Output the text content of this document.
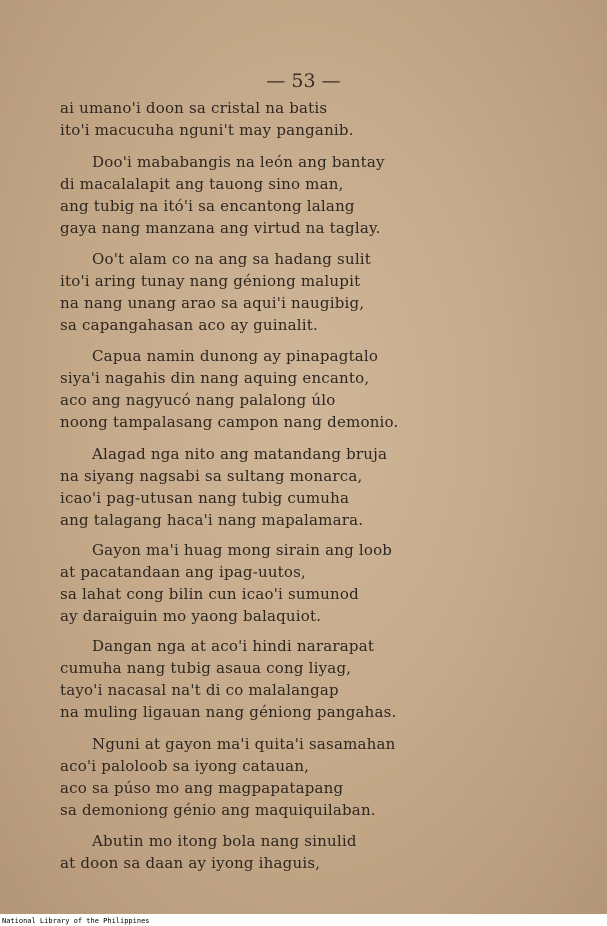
— 53 —
ai umano'i doon sa cristal na batis
ito'i macucuha nguni't may panganib.
Doo'i mababangis na león ang bantay
di macalalapit ang tauong sino man,
ang tubig na itó'i sa encantong lalang
gaya nang manzana ang virtud na taglay.
Oo't alam co na ang sa hadang sulit
ito'i aring tunay nang géniong malupit
na nang unang arao sa aqui'i naugibig,
sa capangahasan aco ay guinalit.
Capua namin dunong ay pinapagtalo
siya'i nagahis din nang aquing encanto,
aco ang nagyucó nang palalong úlo
noong tampalasang campon nang demonio.
Alagad nga nito ang matandang bruja
na siyang nagsabi sa sultang monarca,
icao'i pag-utusan nang tubig cumuha
ang talagang haca'i nang mapalamara.
Gayon ma'i huag mong sirain ang loob
at pacatandaan ang ipag-uutos,
sa lahat cong bilin cun icao'i sumunod
ay daraiguin mo yaong balaquiot.
Dangan nga at aco'i hindi nararapat
cumuha nang tubig asaua cong liyag,
tayo'i nacasal na't di co malalangap
na muling ligauan nang géniong pangahas.
Nguni at gayon ma'i quita'i sasamahan
aco'i paloloob sa iyong catauan,
aco sa púso mo ang magpapatapang
sa demoniong génio ang maquiquilaban.
Abutin mo itong bola nang sinulid
at doon sa daan ay iyong ihaguis,
National Library of the Philippines
